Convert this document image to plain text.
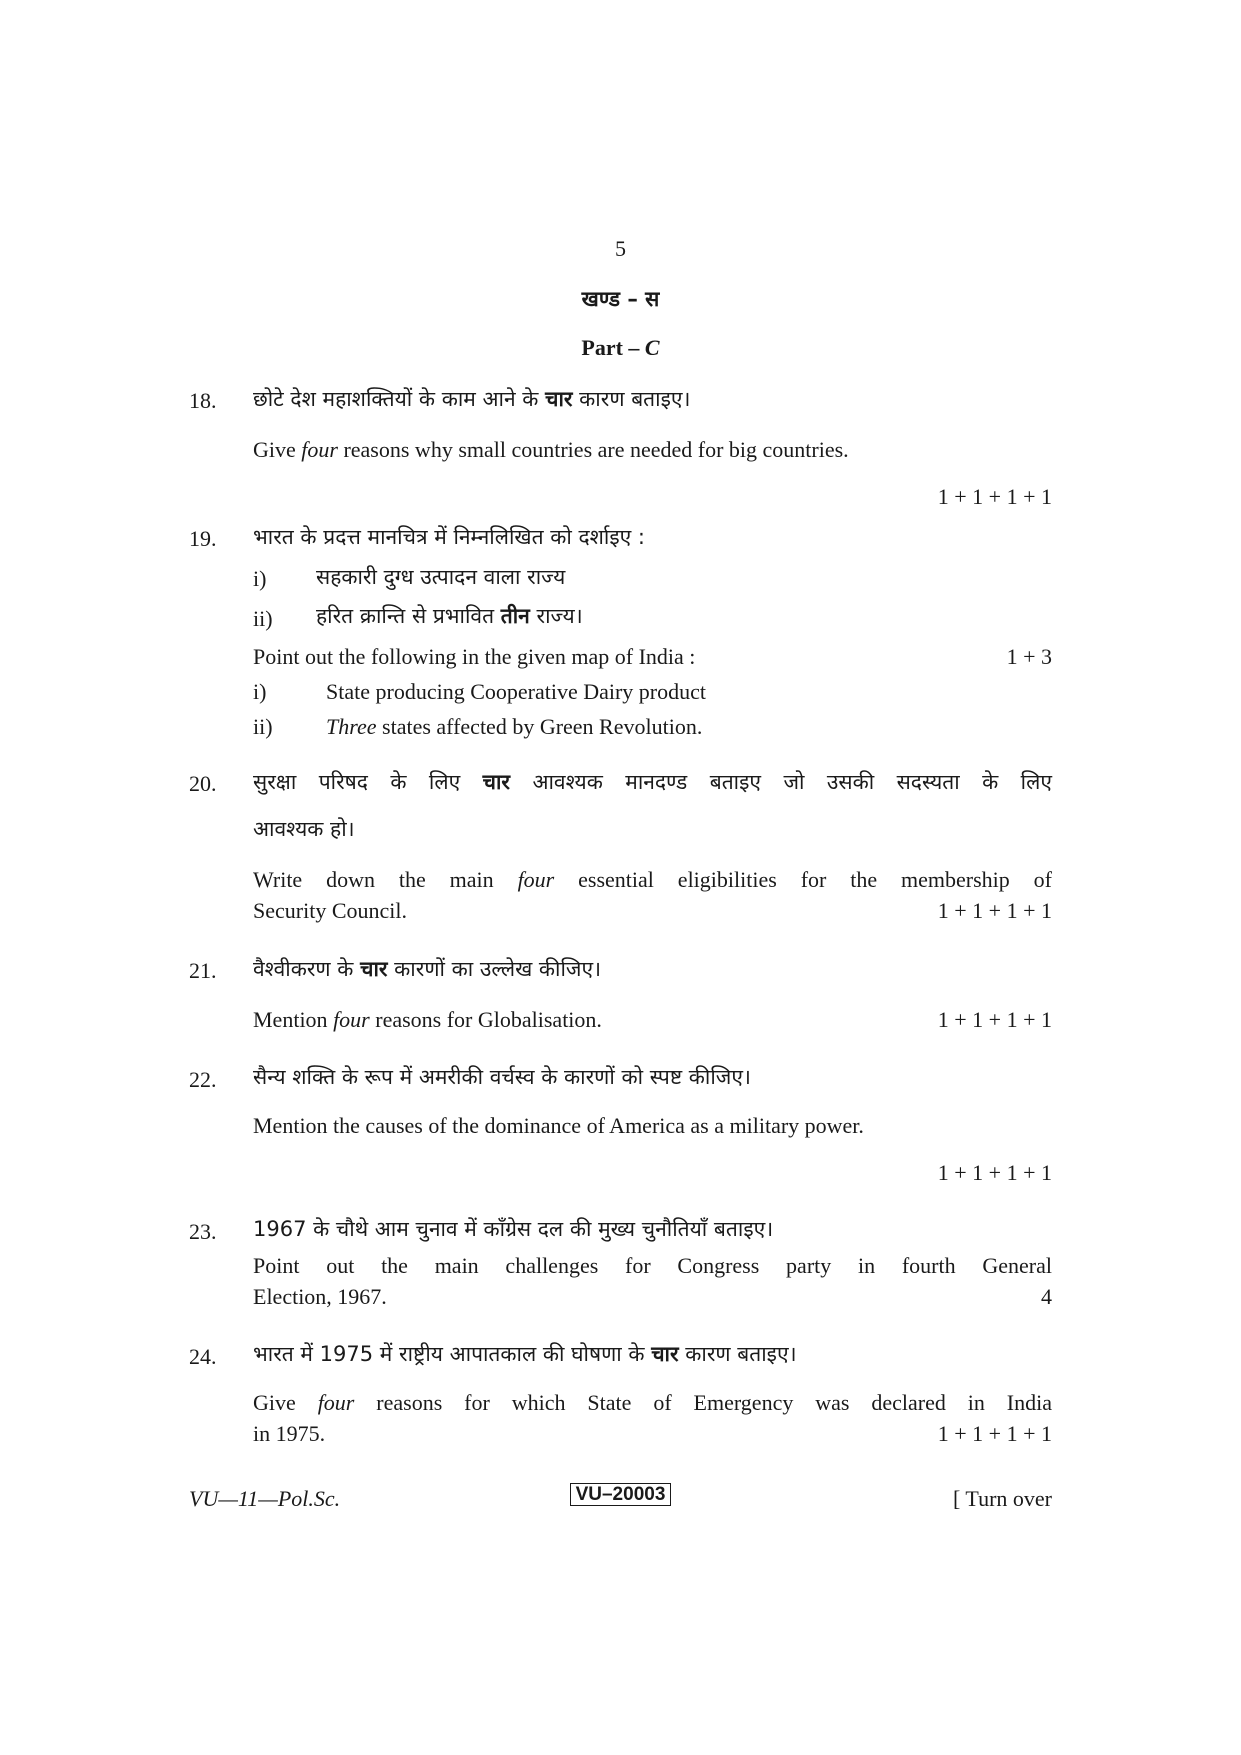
5
खण्ड – स
Part – C
18. छोटे देश महाशक्तियों के काम आने के चार कारण बताइए।
Give four reasons why small countries are needed for big countries.
1 + 1 + 1 + 1
19. भारत के प्रदत्त मानचित्र में निम्नलिखित को दर्शाइए :
i) सहकारी दुग्ध उत्पादन वाला राज्य
ii) हरित क्रान्ति से प्रभावित तीन राज्य।
Point out the following in the given map of India :	1 + 3
i)	State producing Cooperative Dairy product
ii) Three states affected by Green Revolution.
20. सुरक्षा परिषद के लिए चार आवश्यक मानदण्ड बताइए जो उसकी सदस्यता के लिए
आवश्यक हो।
Write down the main four essential eligibilities for the membership of
Security Council.	1 + 1 + 1 + 1
21. वैश्वीकरण के चार कारणों का उल्लेख कीजिए।
Mention four reasons for Globalisation.	1 + 1 + 1 + 1
22. सैन्य शक्ति के रूप में अमरीकी वर्चस्व के कारणों को स्पष्ट कीजिए।
Mention the causes of the dominance of America as a military power.
1 + 1 + 1 + 1
23. 1967 के चौथे आम चुनाव में काँग्रेस दल की मुख्य चुनौतियाँ बताइए।
Point out the main challenges for Congress party in fourth General
Election, 1967.	4
24. भारत में 1975 में राष्ट्रीय आपातकाल की घोषणा के चार कारण बताइए।
Give four reasons for which State of Emergency was declared in India
in 1975.	1 + 1 + 1 + 1
VU—11—Pol.Sc.	VU–20003	[ Turn over
